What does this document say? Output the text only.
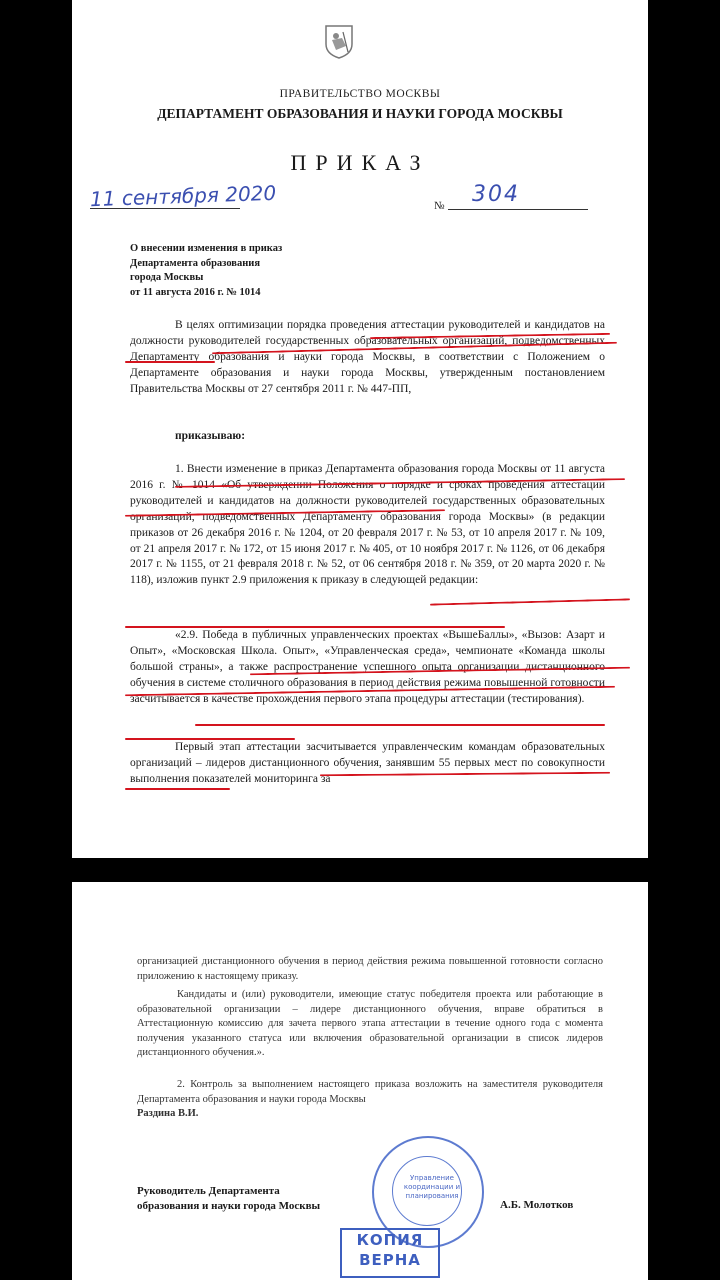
ПРАВИТЕЛЬСТВО МОСКВЫ

ДЕПАРТАМЕНТ ОБРАЗОВАНИЯ И НАУКИ ГОРОДА МОСКВЫ

ПРИКАЗ

11 сентября 2020	№ 304

О внесении изменения в приказ
Департамента образования
города Москвы
от 11 августа 2016 г. № 1014

В целях оптимизации порядка проведения аттестации руководителей и кандидатов на должности руководителей государственных образовательных организаций, подведомственных Департаменту образования и науки города Москвы, в соответствии с Положением о Департаменте образования и науки города Москвы, утвержденным постановлением Правительства Москвы от 27 сентября 2011 г. № 447-ПП,

приказываю:

1. Внести изменение в приказ Департамента образования города Москвы от 11 августа 2016 г. № 1014 «Об утверждении Положения о порядке и сроках проведения аттестации руководителей и кандидатов на должности руководителей государственных образовательных организаций, подведомственных Департаменту образования города Москвы» (в редакции приказов от 26 декабря 2016 г. № 1204, от 20 февраля 2017 г. № 53, от 10 апреля 2017 г. № 109, от 21 апреля 2017 г. № 172, от 15 июня 2017 г. № 405, от 10 ноября 2017 г. № 1126, от 06 декабря 2017 г. № 1155, от 21 февраля 2018 г. № 52, от 06 сентября 2018 г. № 359, от 20 марта 2020 г. № 118), изложив пункт 2.9 приложения к приказу в следующей редакции:

«2.9. Победа в публичных управленческих проектах «ВышеБаллы», «Вызов: Азарт и Опыт», «Московская Школа. Опыт», «Управленческая среда», чемпионате «Команда школы большой страны», а также распространение успешного опыта организации дистанционного обучения в системе столичного образования в период действия режима повышенной готовности засчитывается в качестве прохождения первого этапа процедуры аттестации (тестирования).

Первый этап аттестации засчитывается управленческим командам образовательных организаций – лидеров дистанционного обучения, занявшим 55 первых мест по совокупности выполнения показателей мониторинга за

организацией дистанционного обучения в период действия режима повышенной готовности согласно приложению к настоящему приказу.

Кандидаты и (или) руководители, имеющие статус победителя проекта или работающие в образовательной организации – лидере дистанционного обучения, вправе обратиться в Аттестационную комиссию для зачета первого этапа аттестации в течение одного года с момента получения указанного статуса или включения образовательной организации в список лидеров дистанционного обучения.».

2. Контроль за выполнением настоящего приказа возложить на заместителя руководителя Департамента образования и науки города Москвы

Раздина В.И.

Управление координации и планирования

Руководитель Департамента

образования и науки города Москвы	А.Б. Молотков

КОПИЯ
ВЕРНА
